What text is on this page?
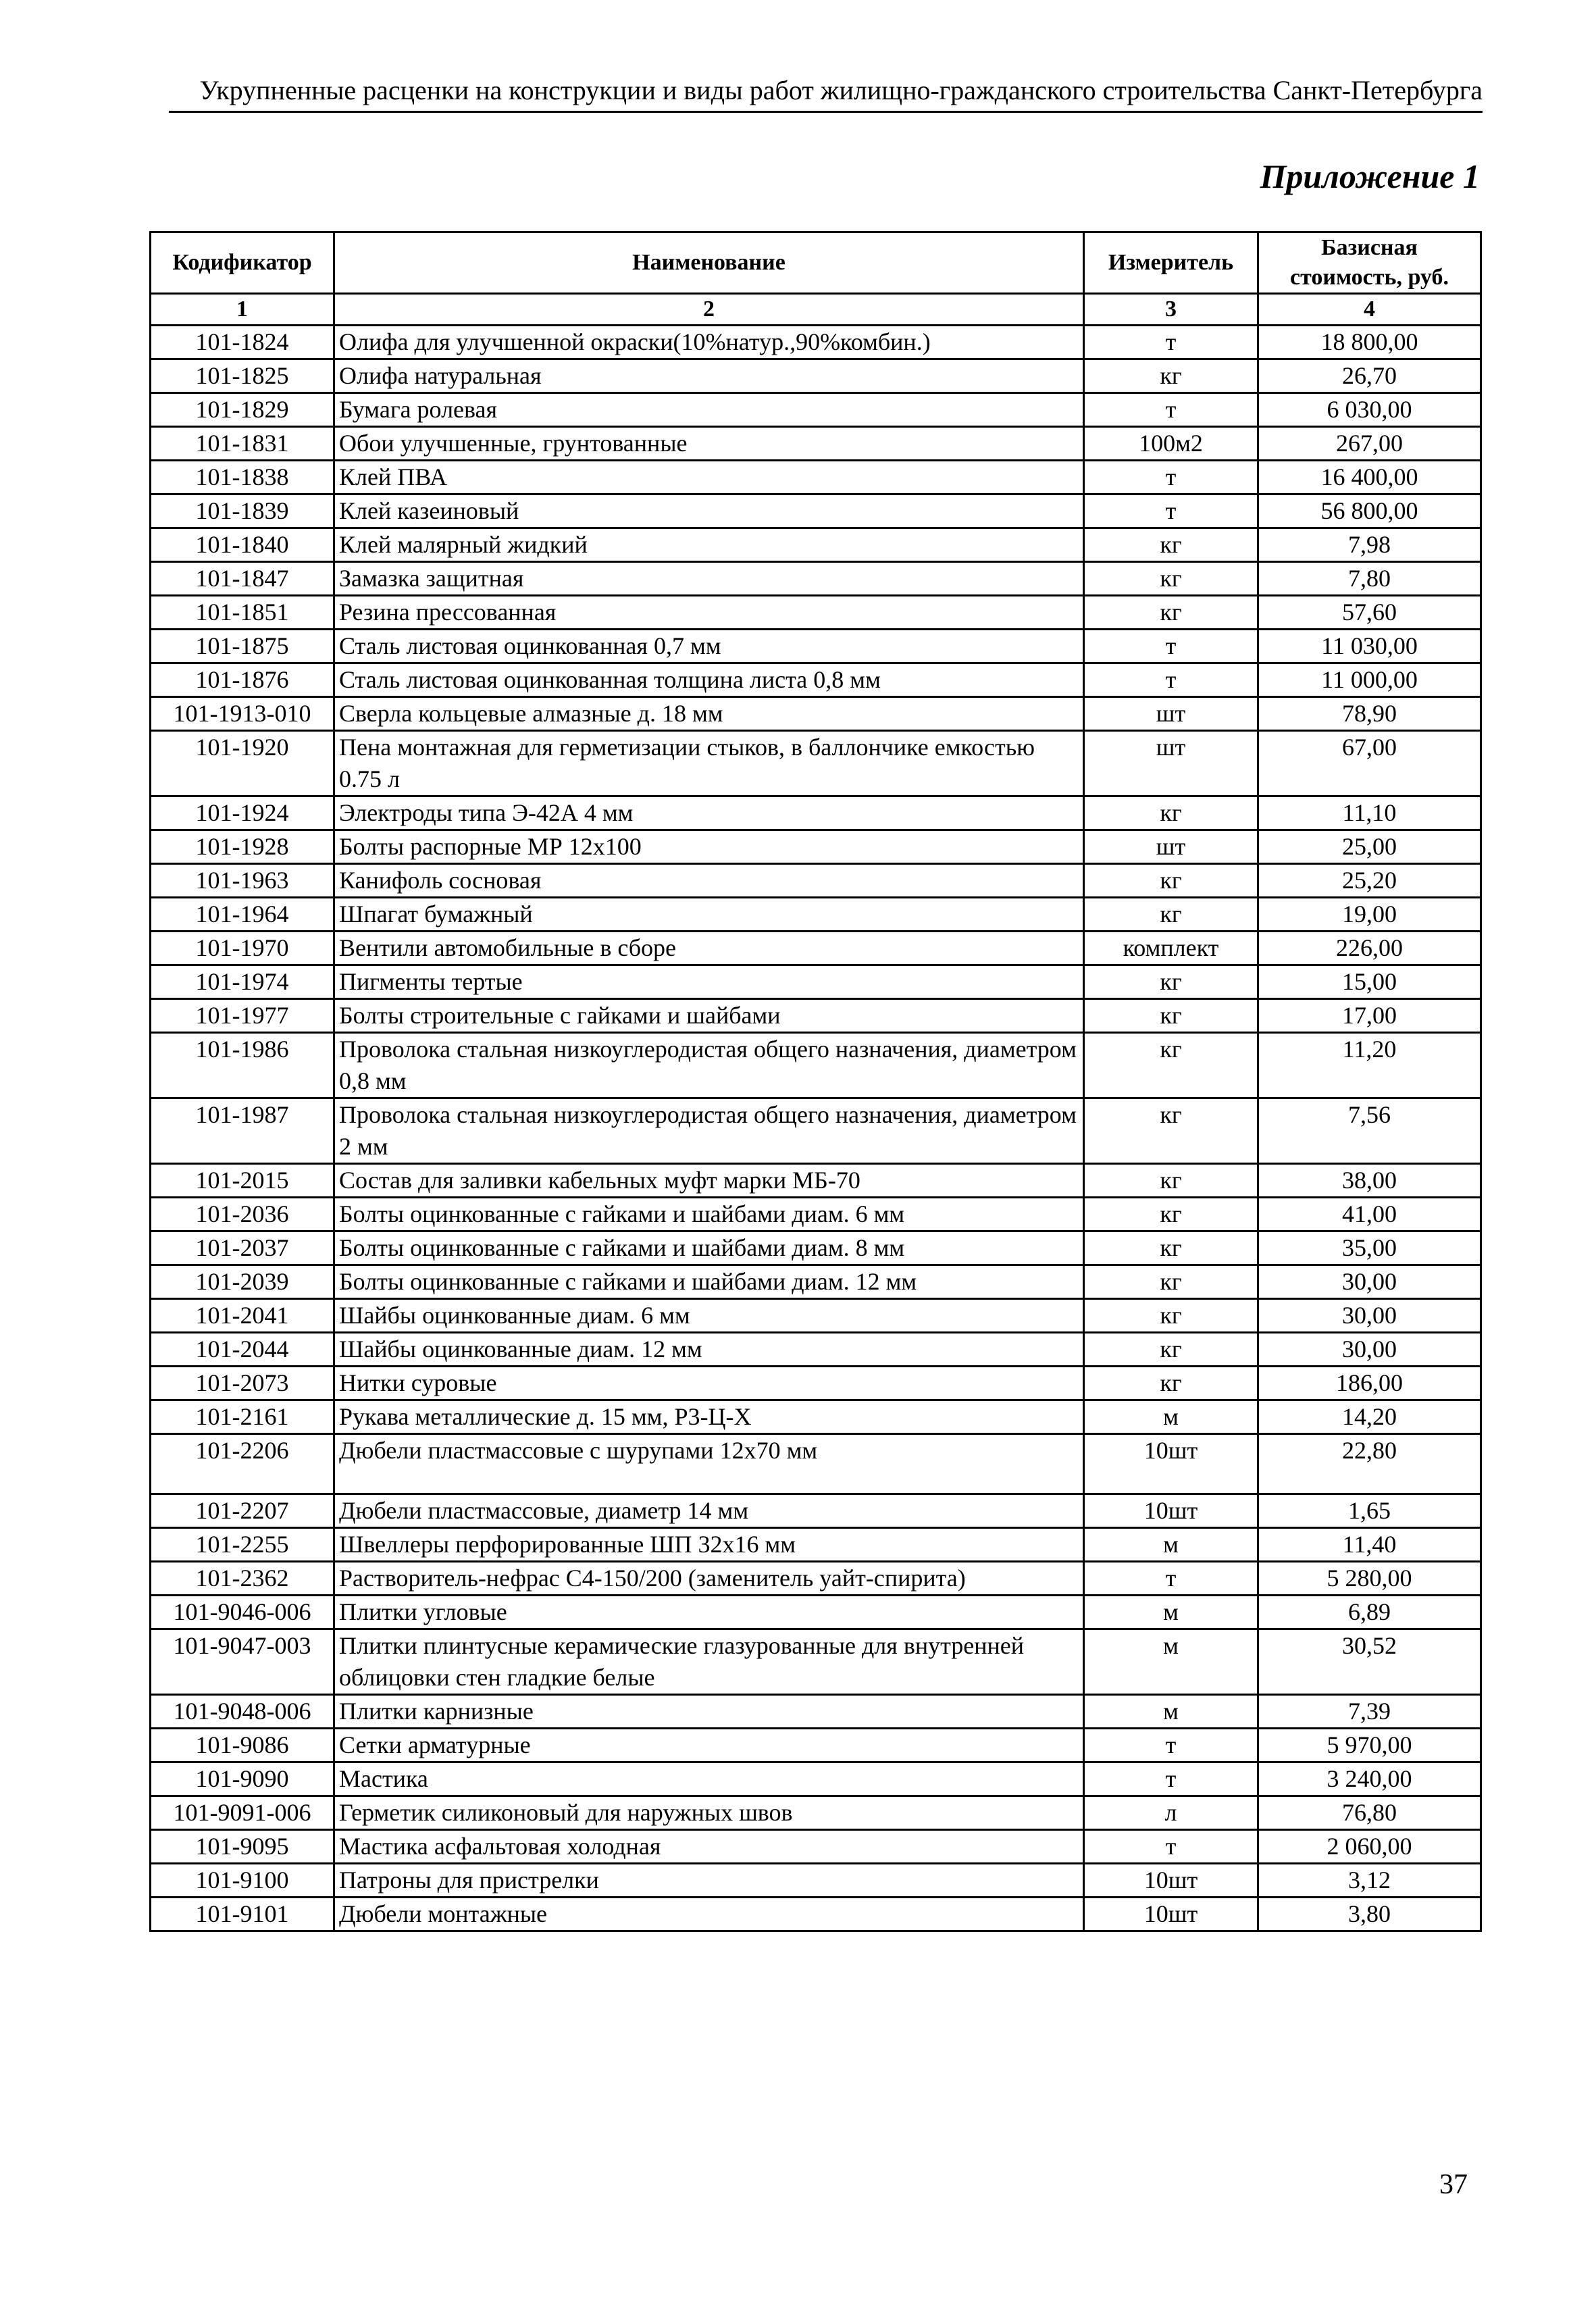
Укрупненные расценки на конструкции и виды работ жилищно-гражданского строительства Санкт-Петербурга
Приложение 1
Кодификатор	Наименование	Измеритель	Базисная стоимость, руб.
1	2	3	4
101-1824	Олифа для улучшенной окраски(10%натур.,90%комбин.)	т	18 800,00
101-1825	Олифа натуральная	кг	26,70
101-1829	Бумага ролевая	т	6 030,00
101-1831	Обои улучшенные, грунтованные	100м2	267,00
101-1838	Клей ПВА	т	16 400,00
101-1839	Клей казеиновый	т	56 800,00
101-1840	Клей малярный жидкий	кг	7,98
101-1847	Замазка защитная	кг	7,80
101-1851	Резина прессованная	кг	57,60
101-1875	Сталь листовая оцинкованная 0,7 мм	т	11 030,00
101-1876	Сталь листовая оцинкованная толщина листа 0,8 мм	т	11 000,00
101-1913-010	Сверла кольцевые алмазные д. 18 мм	шт	78,90
101-1920	Пена монтажная для герметизации стыков, в баллончике емкостью 0.75 л	шт	67,00
101-1924	Электроды типа Э-42А 4 мм	кг	11,10
101-1928	Болты распорные МР 12х100	шт	25,00
101-1963	Канифоль сосновая	кг	25,20
101-1964	Шпагат бумажный	кг	19,00
101-1970	Вентили автомобильные в сборе	комплект	226,00
101-1974	Пигменты тертые	кг	15,00
101-1977	Болты строительные с гайками и шайбами	кг	17,00
101-1986	Проволока стальная низкоуглеродистая общего назначения, диаметром 0,8 мм	кг	11,20
101-1987	Проволока стальная низкоуглеродистая общего назначения, диаметром 2 мм	кг	7,56
101-2015	Состав для заливки кабельных муфт марки МБ-70	кг	38,00
101-2036	Болты оцинкованные с гайками и шайбами диам. 6 мм	кг	41,00
101-2037	Болты оцинкованные с гайками и шайбами диам. 8 мм	кг	35,00
101-2039	Болты оцинкованные с гайками и шайбами диам. 12 мм	кг	30,00
101-2041	Шайбы оцинкованные диам. 6 мм	кг	30,00
101-2044	Шайбы оцинкованные диам. 12 мм	кг	30,00
101-2073	Нитки суровые	кг	186,00
101-2161	Рукава металлические д. 15 мм, Р3-Ц-Х	м	14,20
101-2206	Дюбели пластмассовые с шурупами 12х70 мм	10шт	22,80
101-2207	Дюбели пластмассовые, диаметр 14 мм	10шт	1,65
101-2255	Швеллеры перфорированные ШП 32х16 мм	м	11,40
101-2362	Растворитель-нефрас С4-150/200 (заменитель уайт-спирита)	т	5 280,00
101-9046-006	Плитки угловые	м	6,89
101-9047-003	Плитки плинтусные керамические глазурованные для внутренней облицовки стен гладкие белые	м	30,52
101-9048-006	Плитки карнизные	м	7,39
101-9086	Сетки арматурные	т	5 970,00
101-9090	Мастика	т	3 240,00
101-9091-006	Герметик силиконовый для наружных швов	л	76,80
101-9095	Мастика асфальтовая холодная	т	2 060,00
101-9100	Патроны для пристрелки	10шт	3,12
101-9101	Дюбели монтажные	10шт	3,80
37
